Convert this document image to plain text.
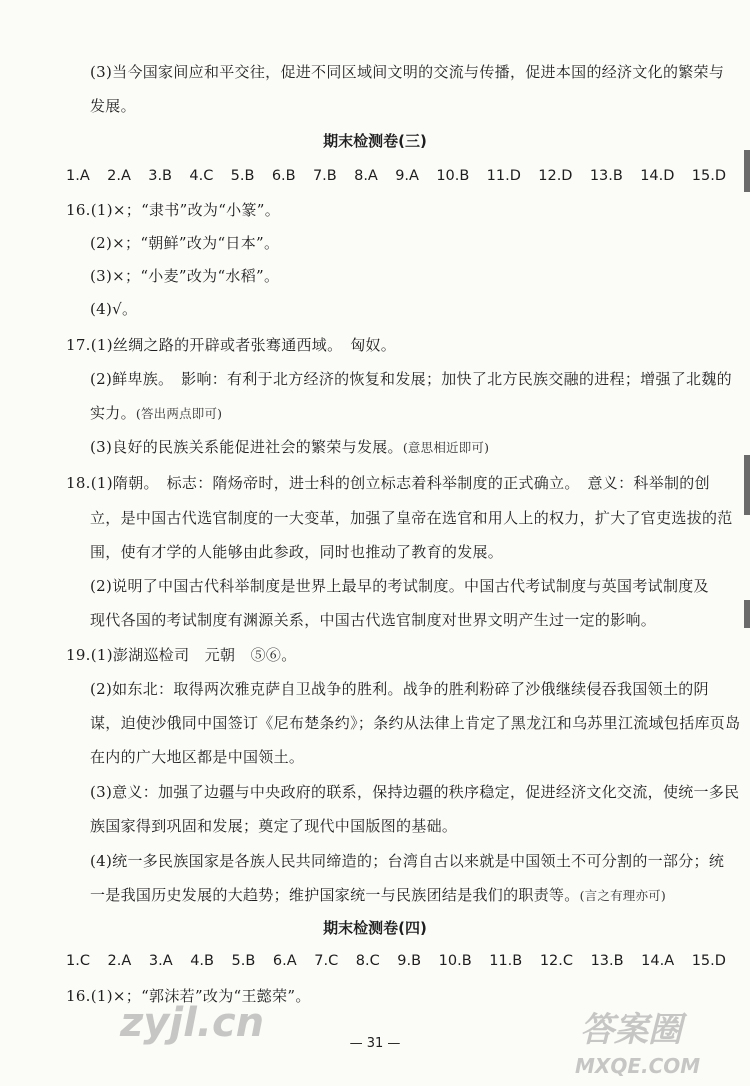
(3)当今国家间应和平交往，促进不同区域间文明的交流与传播，促进本国的经济文化的繁荣与
发展。
期末检测卷(三)
1.A 2.A 3.B 4.C 5.B 6.B 7.B 8.A 9.A 10.B 11.D 12.D 13.B 14.D 15.D
16.(1)×；“隶书”改为“小篆”。
(2)×；“朝鲜”改为“日本”。
(3)×；“小麦”改为“水稻”。
(4)√。
17.(1)丝绸之路的开辟或者张骞通西域。　匈奴。
(2)鲜卑族。　影响：有利于北方经济的恢复和发展；加快了北方民族交融的进程；增强了北魏的
实力。(答出两点即可)
(3)良好的民族关系能促进社会的繁荣与发展。(意思相近即可)
18.(1)隋朝。　标志：隋炀帝时，进士科的创立标志着科举制度的正式确立。　意义：科举制的创
立，是中国古代选官制度的一大变革，加强了皇帝在选官和用人上的权力，扩大了官吏选拔的范
围，使有才学的人能够由此参政，同时也推动了教育的发展。
(2)说明了中国古代科举制度是世界上最早的考试制度。中国古代考试制度与英国考试制度及
现代各国的考试制度有渊源关系，中国古代选官制度对世界文明产生过一定的影响。
19.(1)澎湖巡检司　元朝　⑤⑥。
(2)如东北：取得两次雅克萨自卫战争的胜利。战争的胜利粉碎了沙俄继续侵吞我国领土的阴
谋，迫使沙俄同中国签订《尼布楚条约》；条约从法律上肯定了黑龙江和乌苏里江流域包括库页岛
在内的广大地区都是中国领土。
(3)意义：加强了边疆与中央政府的联系，保持边疆的秩序稳定，促进经济文化交流，使统一多民
族国家得到巩固和发展；奠定了现代中国版图的基础。
(4)统一多民族国家是各族人民共同缔造的；台湾自古以来就是中国领土不可分割的一部分；统
一是我国历史发展的大趋势；维护国家统一与民族团结是我们的职责等。(言之有理亦可)
期末检测卷(四)
1.C 2.A 3.A 4.B 5.B 6.A 7.C 8.C 9.B 10.B 11.B 12.C 13.B 14.A 15.D
16.(1)×；“郭沫若”改为“王懿荣”。
— 31 —
zyjl.cn	答案圈
MXQE.COM
